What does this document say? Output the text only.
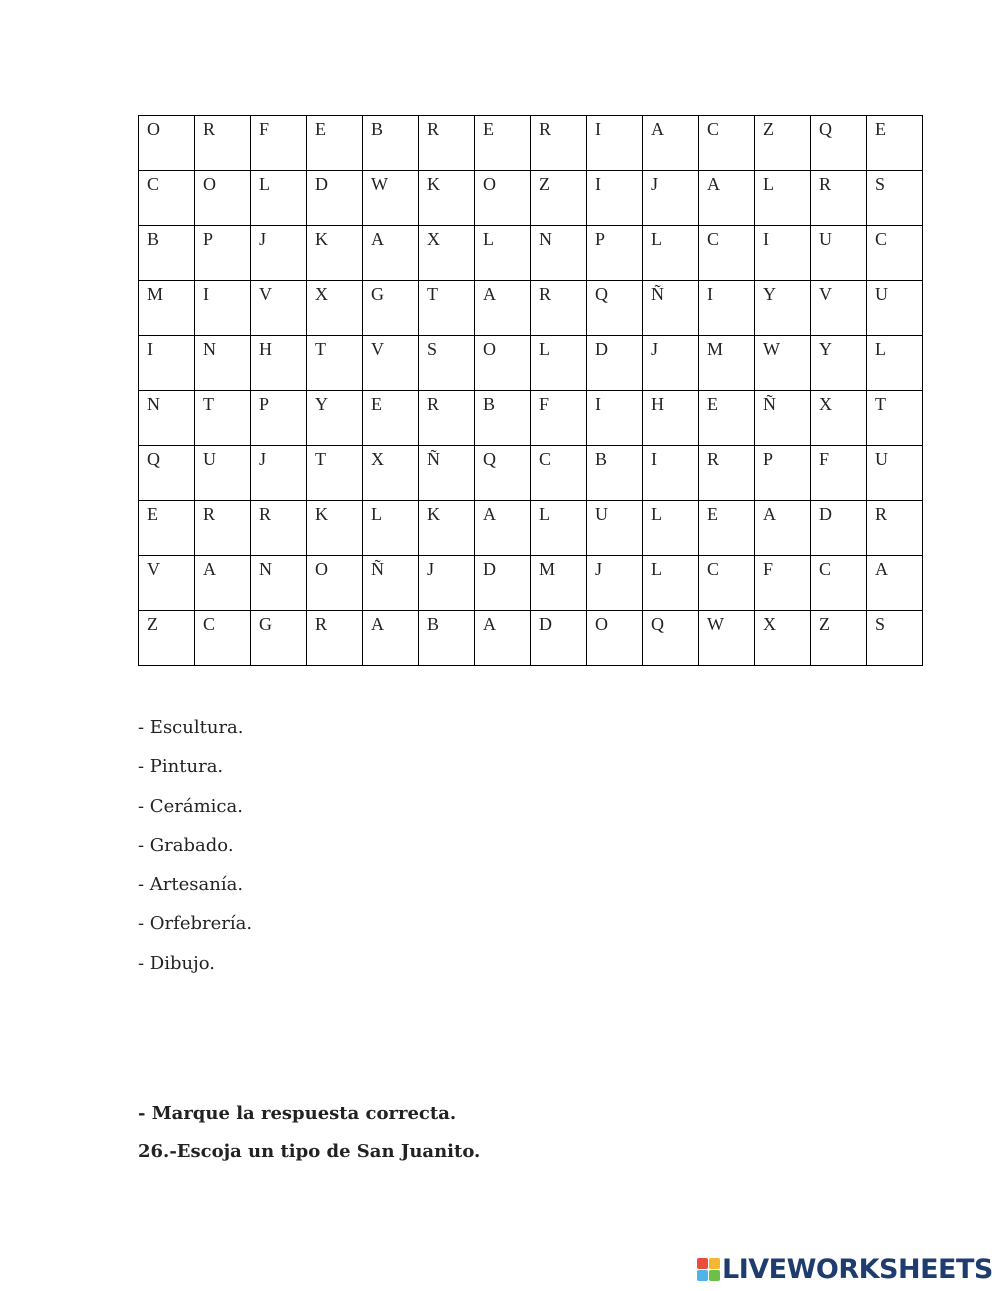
O	R	F	E	B	R	E	R	I	A	C	Z	Q	E
C	O	L	D	W	K	O	Z	I	J	A	L	R	S
B	P	J	K	A	X	L	N	P	L	C	I	U	C
M	I	V	X	G	T	A	R	Q	Ñ	I	Y	V	U
I	N	H	T	V	S	O	L	D	J	M	W	Y	L
N	T	P	Y	E	R	B	F	I	H	E	Ñ	X	T
Q	U	J	T	X	Ñ	Q	C	B	I	R	P	F	U
E	R	R	K	L	K	A	L	U	L	E	A	D	R
V	A	N	O	Ñ	J	D	M	J	L	C	F	C	A
Z	C	G	R	A	B	A	D	O	Q	W	X	Z	S
- Escultura.
- Pintura.
- Cerámica.
- Grabado.
- Artesanía.
- Orfebrería.
- Dibujo.
- Marque la respuesta correcta.
26.-Escoja un tipo de San Juanito.
LIVEWORKSHEETS
